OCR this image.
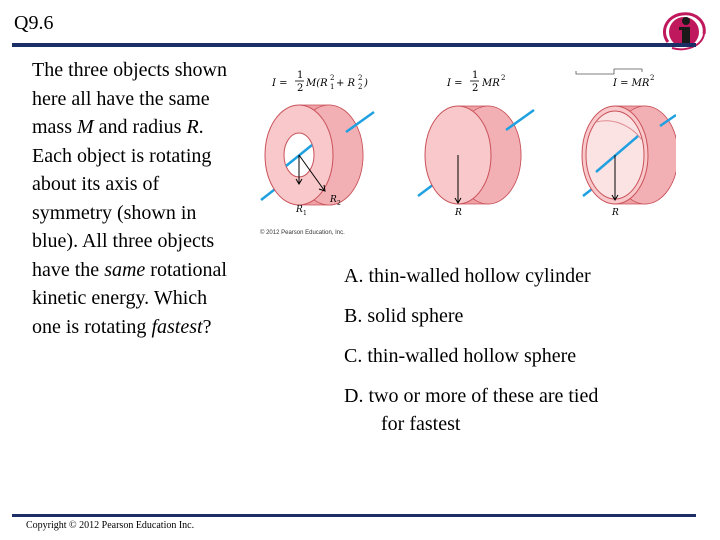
Q9.6
The three objects shown here all have the same mass M and radius R. Each object is rotating about its axis of symmetry (shown in blue). All three objects have the same rotational kinetic energy. Which one is rotating fastest?
I =
1
2 M(R 1
2 + R 2
2 )	I =
1
2 MR 2	I = MR 2
R 1
R 2
R	R
© 2012 Pearson Education, Inc.
A. thin-walled hollow cylinder
B. solid sphere
C. thin-walled hollow sphere
D. two or more of these are tied
for fastest
Copyright © 2012 Pearson Education Inc.
